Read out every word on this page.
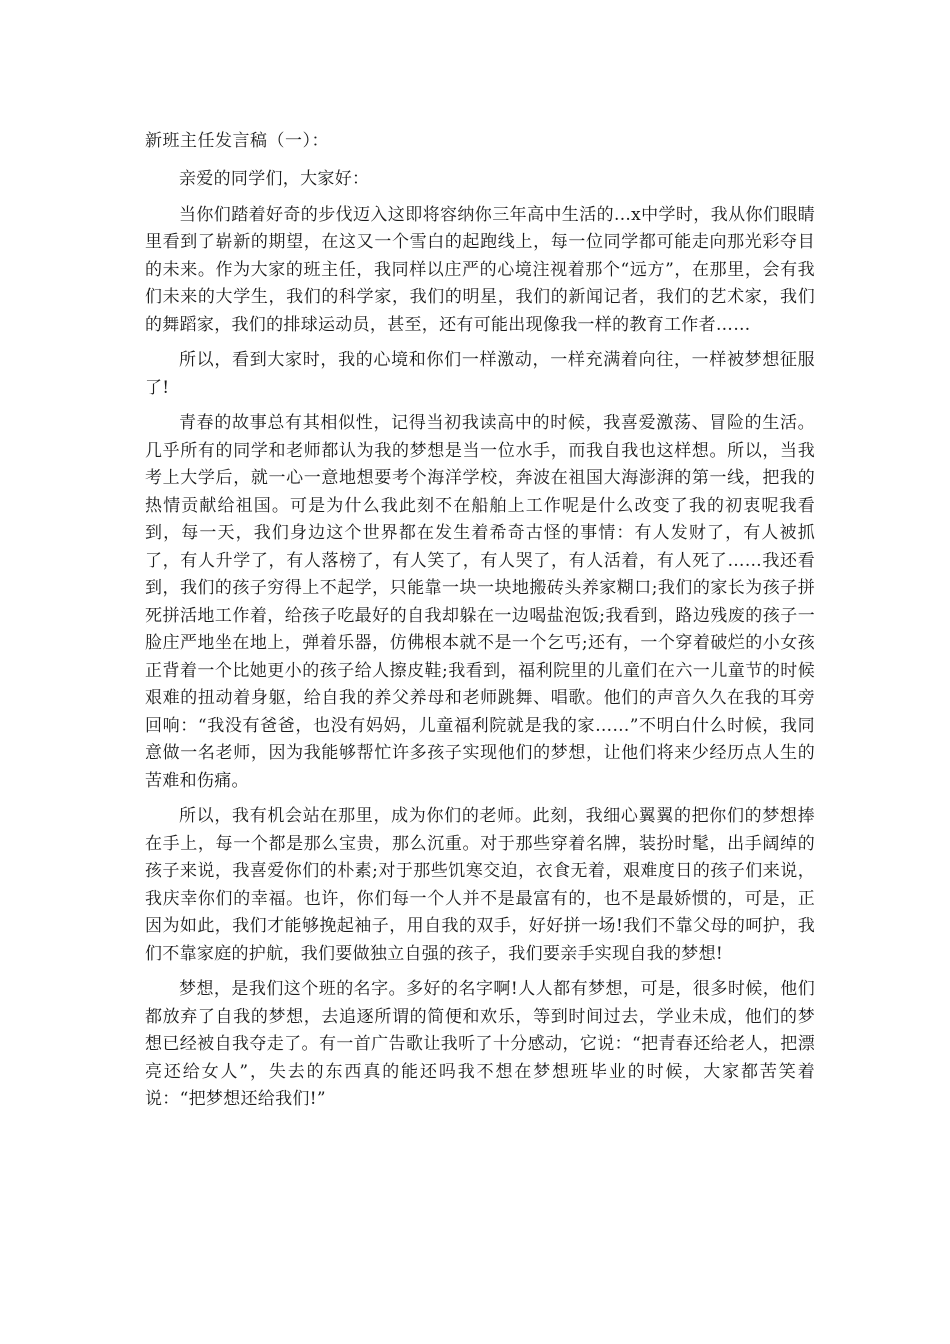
新班主任发言稿（一）：

亲爱的同学们，大家好：

当你们踏着好奇的步伐迈入这即将容纳你三年高中生活的...x中学时，我从你们眼睛里看到了崭新的期望，在这又一个雪白的起跑线上，每一位同学都可能走向那光彩夺目的未来。作为大家的班主任，我同样以庄严的心境注视着那个“远方”，在那里，会有我们未来的大学生，我们的科学家，我们的明星，我们的新闻记者，我们的艺术家，我们的舞蹈家，我们的排球运动员，甚至，还有可能出现像我一样的教育工作者……

所以，看到大家时，我的心境和你们一样激动，一样充满着向往，一样被梦想征服了!

青春的故事总有其相似性，记得当初我读高中的时候，我喜爱激荡、冒险的生活。几乎所有的同学和老师都认为我的梦想是当一位水手，而我自我也这样想。所以，当我考上大学后，就一心一意地想要考个海洋学校，奔波在祖国大海澎湃的第一线，把我的热情贡献给祖国。可是为什么我此刻不在船舶上工作呢是什么改变了我的初衷呢我看到，每一天，我们身边这个世界都在发生着希奇古怪的事情：有人发财了，有人被抓了，有人升学了，有人落榜了，有人笑了，有人哭了，有人活着，有人死了……我还看到，我们的孩子穷得上不起学，只能靠一块一块地搬砖头养家糊口;我们的家长为孩子拼死拼活地工作着，给孩子吃最好的自我却躲在一边喝盐泡饭;我看到，路边残废的孩子一脸庄严地坐在地上，弹着乐器，仿佛根本就不是一个乞丐;还有，一个穿着破烂的小女孩正背着一个比她更小的孩子给人擦皮鞋;我看到，福利院里的儿童们在六一儿童节的时候艰难的扭动着身躯，给自我的养父养母和老师跳舞、唱歌。他们的声音久久在我的耳旁回响：“我没有爸爸，也没有妈妈，儿童福利院就是我的家……”不明白什么时候，我同意做一名老师，因为我能够帮忙许多孩子实现他们的梦想，让他们将来少经历点人生的苦难和伤痛。

所以，我有机会站在那里，成为你们的老师。此刻，我细心翼翼的把你们的梦想捧在手上，每一个都是那么宝贵，那么沉重。对于那些穿着名牌，装扮时髦，出手阔绰的孩子来说，我喜爱你们的朴素;对于那些饥寒交迫，衣食无着，艰难度日的孩子们来说，我庆幸你们的幸福。也许，你们每一个人并不是最富有的，也不是最娇惯的，可是，正因为如此，我们才能够挽起袖子，用自我的双手，好好拼一场!我们不靠父母的呵护，我们不靠家庭的护航，我们要做独立自强的孩子，我们要亲手实现自我的梦想!

梦想，是我们这个班的名字。多好的名字啊!人人都有梦想，可是，很多时候，他们都放弃了自我的梦想，去追逐所谓的简便和欢乐，等到时间过去，学业未成，他们的梦想已经被自我夺走了。有一首广告歌让我听了十分感动，它说：“把青春还给老人，把漂亮还给女人”，失去的东西真的能还吗我不想在梦想班毕业的时候，大家都苦笑着说：“把梦想还给我们!”
